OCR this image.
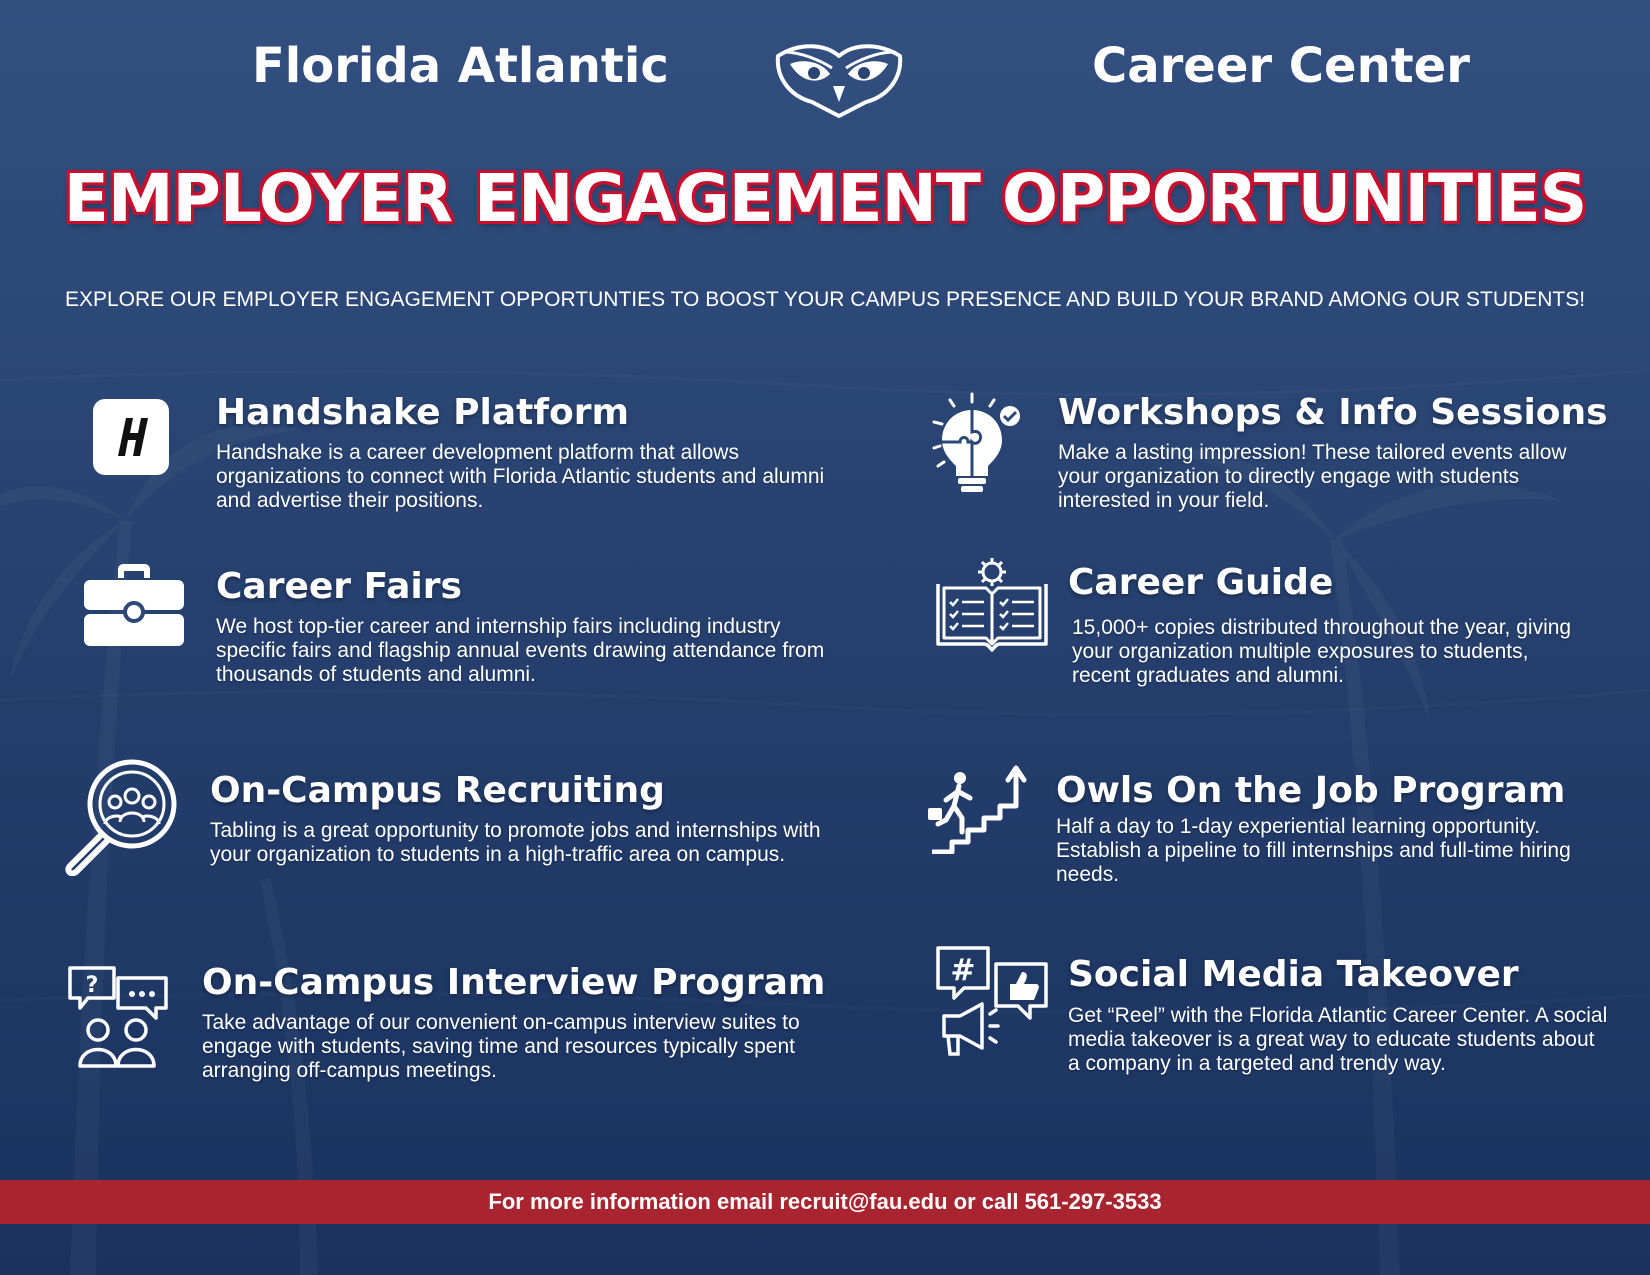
Florida Atlantic	Career Center
EMPLOYER ENGAGEMENT OPPORTUNITIES
EXPLORE OUR EMPLOYER ENGAGEMENT OPPORTUNTIES TO BOOST YOUR CAMPUS PRESENCE AND BUILD YOUR BRAND AMONG OUR STUDENTS!
Handshake Platform

Handshake is a career development platform that allows organizations to connect with Florida Atlantic students and alumni and advertise their positions.

Career Fairs

We host top-tier career and internship fairs including industry specific fairs and flagship annual events drawing attendance from thousands of students and alumni.

On-Campus Recruiting

Tabling is a great opportunity to promote jobs and internships with your organization to students in a high-traffic area on campus.

?	On-Campus Interview Program

Take advantage of our convenient on-campus interview suites to engage with students, saving time and resources typically spent arranging off-campus meetings.

Workshops & Info Sessions

Make a lasting impression! These tailored events allow your organization to directly engage with students interested in your field.

Career Guide

15,000+ copies distributed throughout the year, giving your organization multiple exposures to students, recent graduates and alumni.

Owls On the Job Program

Half a day to 1-day experiential learning opportunity. Establish a pipeline to fill internships and full-time hiring needs.

#	Social Media Takeover

Get “Reel” with the Florida Atlantic Career Center. A social media takeover is a great way to educate students about a company in a targeted and trendy way.

For more information email recruit@fau.edu or call 561-297-3533
